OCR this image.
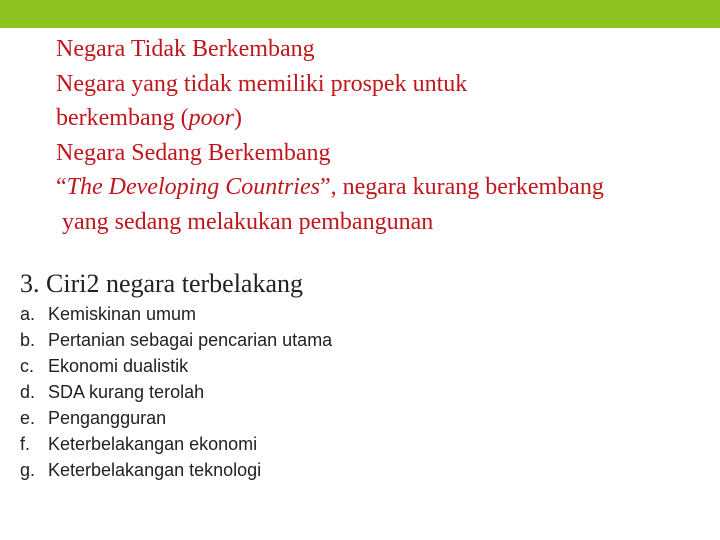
Negara Tidak Berkembang
Negara yang tidak memiliki prospek untuk
berkembang (poor)
Negara Sedang Berkembang
“The Developing Countries”, negara kurang berkembang
yang sedang melakukan pembangunan
3. Ciri2 negara terbelakang
a. Kemiskinan umum
b. Pertanian sebagai pencarian utama
c. Ekonomi dualistik
d. SDA kurang terolah
e. Pengangguran
f. Keterbelakangan ekonomi
g. Keterbelakangan teknologi
